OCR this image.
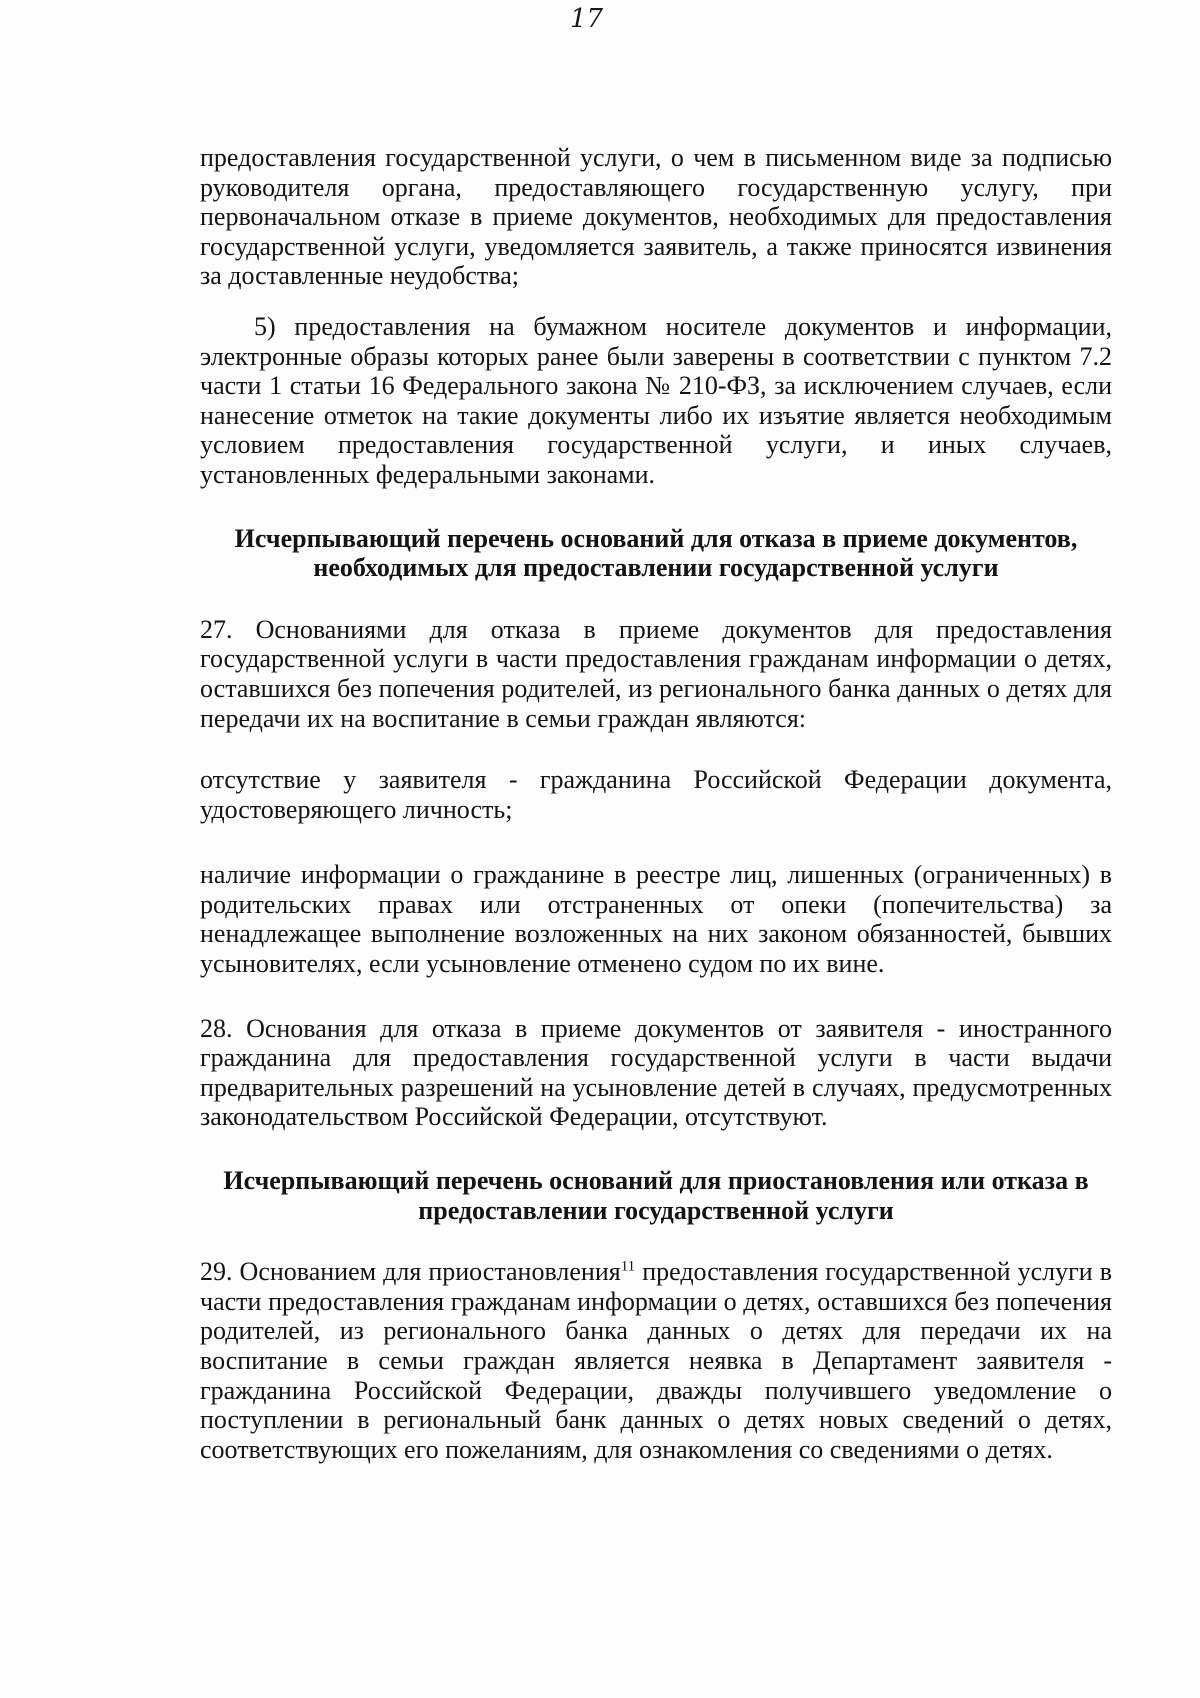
17

предоставления государственной услуги, о чем в письменном виде за подписью руководителя органа, предоставляющего государственную услугу, при первоначальном отказе в приеме документов, необходимых для предоставления государственной услуги, уведомляется заявитель, а также приносятся извинения за доставленные неудобства;

5) предоставления на бумажном носителе документов и информации, электронные образы которых ранее были заверены в соответствии с пунктом 7.2 части 1 статьи 16 Федерального закона № 210-ФЗ, за исключением случаев, если нанесение отметок на такие документы либо их изъятие является необходимым условием предоставления государственной услуги, и иных случаев, установленных федеральными законами.

Исчерпывающий перечень оснований для отказа в приеме документов, необходимых для предоставлении государственной услуги

27. Основаниями для отказа в приеме документов для предоставления государственной услуги в части предоставления гражданам информации о детях, оставшихся без попечения родителей, из регионального банка данных о детях для передачи их на воспитание в семьи граждан являются:

отсутствие у заявителя - гражданина Российской Федерации документа, удостоверяющего личность;

наличие информации о гражданине в реестре лиц, лишенных (ограниченных) в родительских правах или отстраненных от опеки (попечительства) за ненадлежащее выполнение возложенных на них законом обязанностей, бывших усыновителях, если усыновление отменено судом по их вине.

28. Основания для отказа в приеме документов от заявителя - иностранного гражданина для предоставления государственной услуги в части выдачи предварительных разрешений на усыновление детей в случаях, предусмотренных законодательством Российской Федерации, отсутствуют.

Исчерпывающий перечень оснований для приостановления или отказа в предоставлении государственной услуги

29. Основанием для приостановления$^{11}$ предоставления государственной услуги в части предоставления гражданам информации о детях, оставшихся без попечения родителей, из регионального банка данных о детях для передачи их на воспитание в семьи граждан является неявка в Департамент заявителя - гражданина Российской Федерации, дважды получившего уведомление о поступлении в региональный банк данных о детях новых сведений о детях, соответствующих его пожеланиям, для ознакомления со сведениями о детях.
